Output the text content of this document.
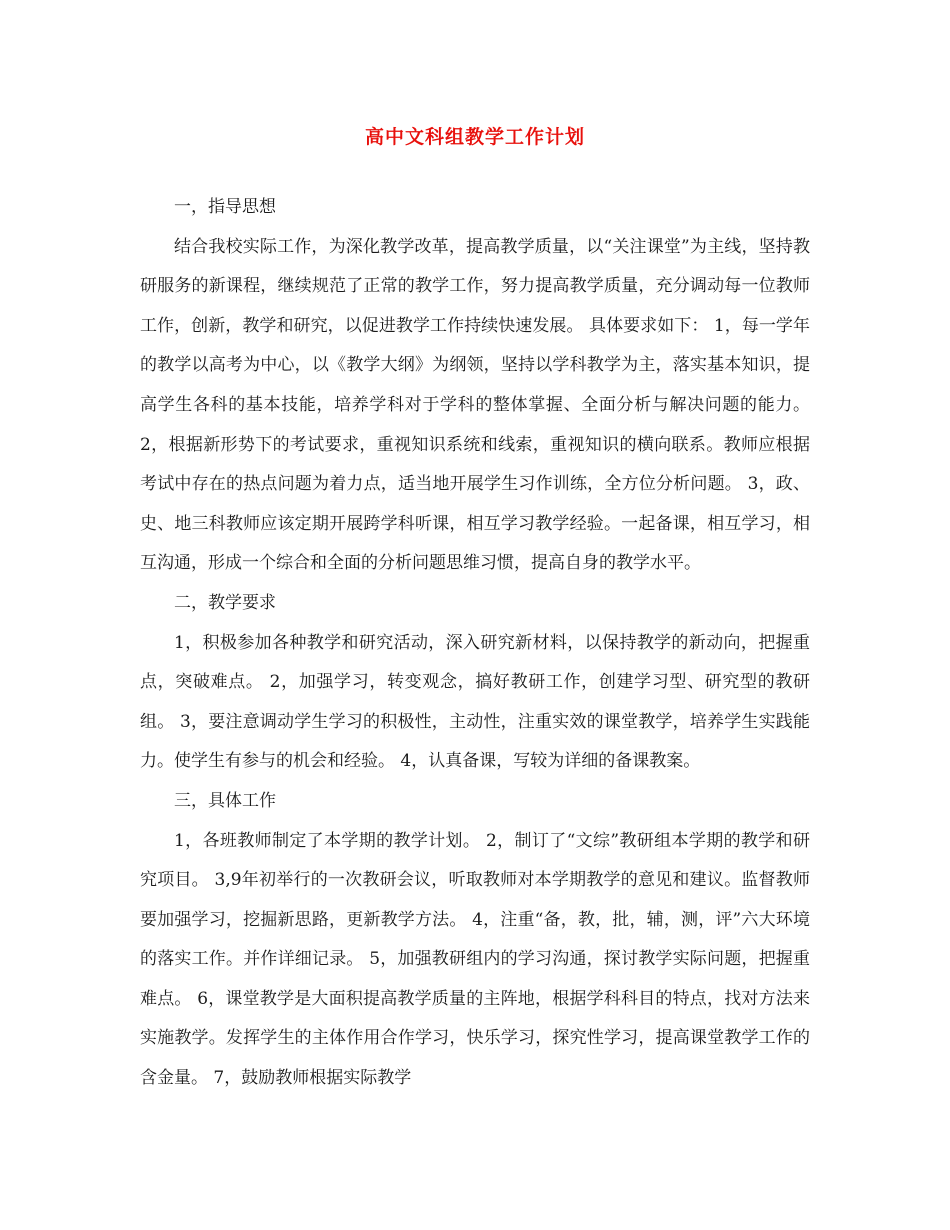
高中文科组教学工作计划

一，指导思想

结合我校实际工作，为深化教学改革，提高教学质量，以“关注课堂”为主线，坚持教研服务的新课程，继续规范了正常的教学工作，努力提高教学质量，充分调动每一位教师工作，创新，教学和研究，以促进教学工作持续快速发展。 具体要求如下： 1，每一学年的教学以高考为中心，以《教学大纲》为纲领，坚持以学科教学为主，落实基本知识，提高学生各科的基本技能，培养学科对于学科的整体掌握、全面分析与解决问题的能力。 2，根据新形势下的考试要求，重视知识系统和线索，重视知识的横向联系。教师应根据考试中存在的热点问题为着力点，适当地开展学生习作训练，全方位分析问题。 3，政、史、地三科教师应该定期开展跨学科听课，相互学习教学经验。一起备课，相互学习，相互沟通，形成一个综合和全面的分析问题思维习惯，提高自身的教学水平。

二，教学要求

1，积极参加各种教学和研究活动，深入研究新材料，以保持教学的新动向，把握重点，突破难点。 2，加强学习，转变观念，搞好教研工作，创建学习型、研究型的教研组。 3，要注意调动学生学习的积极性，主动性，注重实效的课堂教学，培养学生实践能力。使学生有参与的机会和经验。 4，认真备课，写较为详细的备课教案。

三，具体工作

1，各班教师制定了本学期的教学计划。 2，制订了“文综”教研组本学期的教学和研究项目。 3,9年初举行的一次教研会议，听取教师对本学期教学的意见和建议。监督教师要加强学习，挖掘新思路，更新教学方法。 4，注重“备，教，批，辅，测，评”六大环境的落实工作。并作详细记录。 5，加强教研组内的学习沟通，探讨教学实际问题，把握重难点。 6，课堂教学是大面积提高教学质量的主阵地，根据学科科目的特点，找对方法来实施教学。发挥学生的主体作用合作学习，快乐学习，探究性学习，提高课堂教学工作的含金量。 7，鼓励教师根据实际教学
